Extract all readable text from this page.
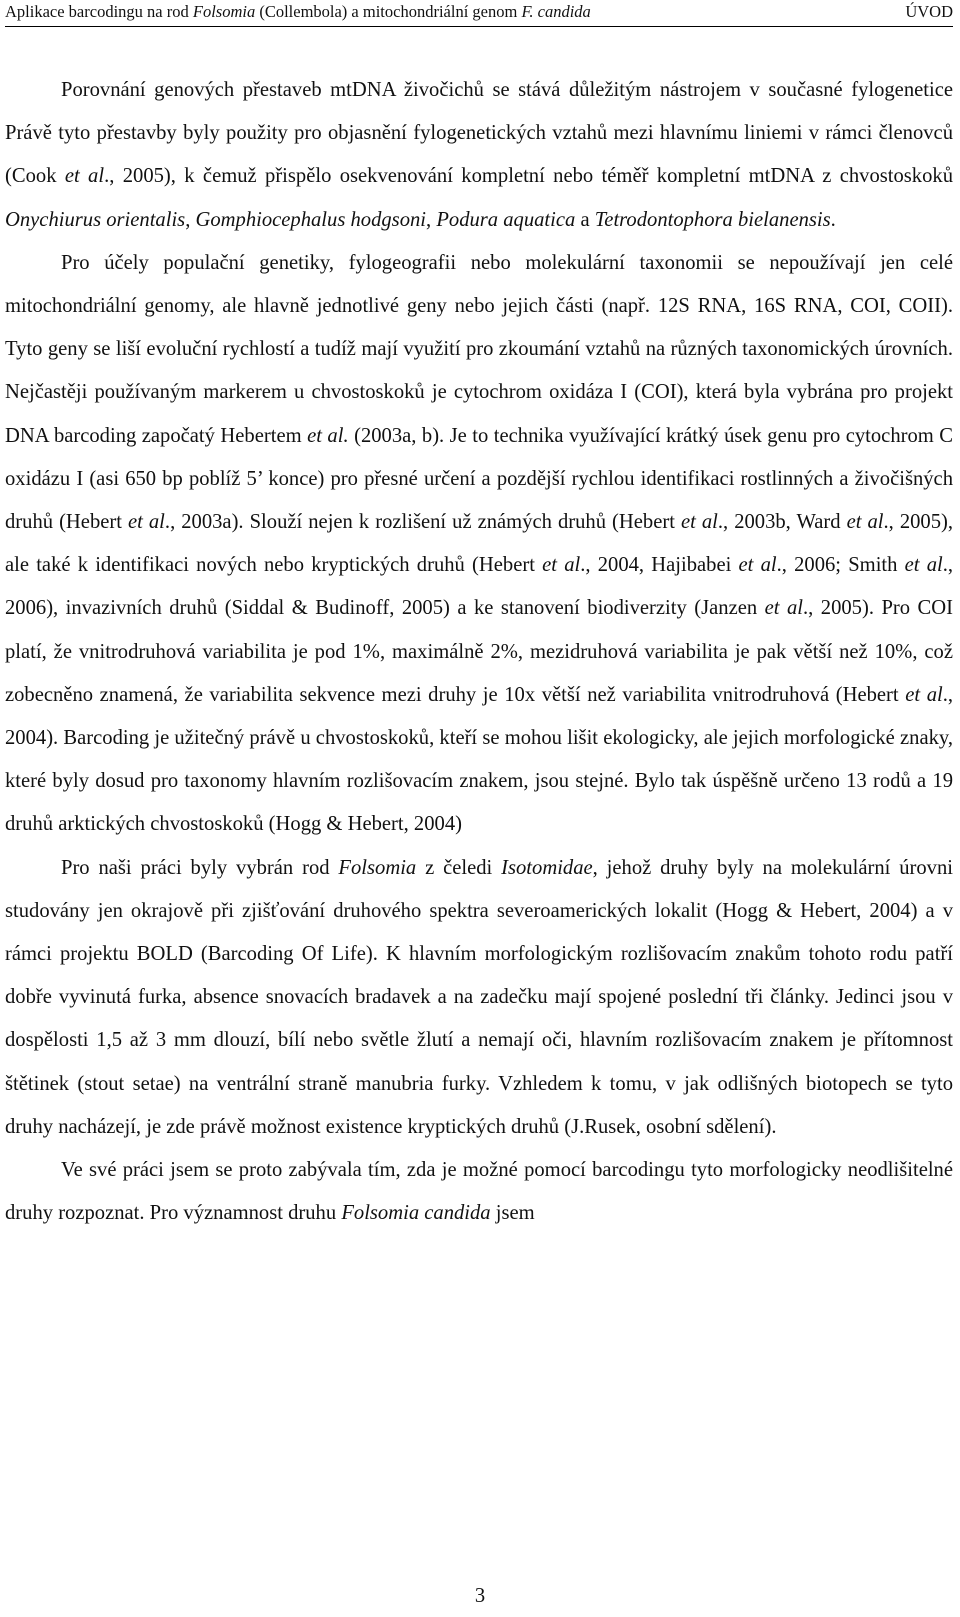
Aplikace barcodingu na rod Folsomia (Collembola) a mitochondriální genom F. candida	ÚVOD

Porovnání genových přestaveb mtDNA živočichů se stává důležitým nástrojem v současné fylogenetice Právě tyto přestavby byly použity pro objasnění fylogenetických vztahů mezi hlavnímu liniemi v rámci členovců (Cook et al., 2005), k čemuž přispělo osekvenování kompletní nebo téměř kompletní mtDNA z chvostoskoků Onychiurus orientalis, Gomphiocephalus hodgsoni, Podura aquatica a Tetrodontophora bielanensis.

Pro účely populační genetiky, fylogeografii nebo molekulární taxonomii se nepoužívají jen celé mitochondriální genomy, ale hlavně jednotlivé geny nebo jejich části (např. 12S RNA, 16S RNA, COI, COII). Tyto geny se liší evoluční rychlostí a tudíž mají využití pro zkoumání vztahů na různých taxonomických úrovních. Nejčastěji používaným markerem u chvostoskoků je cytochrom oxidáza I (COI), která byla vybrána pro projekt DNA barcoding započatý Hebertem et al. (2003a, b). Je to technika využívající krátký úsek genu pro cytochrom C oxidázu I (asi 650 bp poblíž 5’ konce) pro přesné určení a pozdější rychlou identifikaci rostlinných a živočišných druhů (Hebert et al., 2003a). Slouží nejen k rozlišení už známých druhů (Hebert et al., 2003b, Ward et al., 2005), ale také k identifikaci nových nebo kryptických druhů (Hebert et al., 2004, Hajibabei et al., 2006; Smith et al., 2006), invazivních druhů (Siddal & Budinoff, 2005) a ke stanovení biodiverzity (Janzen et al., 2005). Pro COI platí, že vnitrodruhová variabilita je pod 1%, maximálně 2%, mezidruhová variabilita je pak větší než 10%, což zobecněno znamená, že variabilita sekvence mezi druhy je 10x větší než variabilita vnitrodruhová (Hebert et al., 2004). Barcoding je užitečný právě u chvostoskoků, kteří se mohou lišit ekologicky, ale jejich morfologické znaky, které byly dosud pro taxonomy hlavním rozlišovacím znakem, jsou stejné. Bylo tak úspěšně určeno 13 rodů a 19 druhů arktických chvostoskoků (Hogg & Hebert, 2004)

Pro naši práci byly vybrán rod Folsomia z čeledi Isotomidae, jehož druhy byly na molekulární úrovni studovány jen okrajově při zjišťování druhového spektra severoamerických lokalit (Hogg & Hebert, 2004) a v rámci projektu BOLD (Barcoding Of Life). K hlavním morfologickým rozlišovacím znakům tohoto rodu patří dobře vyvinutá furka, absence snovacích bradavek a na zadečku mají spojené poslední tři články. Jedinci jsou v dospělosti 1,5 až 3 mm dlouzí, bílí nebo světle žlutí a nemají oči, hlavním rozlišovacím znakem je přítomnost štětinek (stout setae) na ventrální straně manubria furky. Vzhledem k tomu, v jak odlišných biotopech se tyto druhy nacházejí, je zde právě možnost existence kryptických druhů (J.Rusek, osobní sdělení).

Ve své práci jsem se proto zabývala tím, zda je možné pomocí barcodingu tyto morfologicky neodlišitelné druhy rozpoznat. Pro významnost druhu Folsomia candida jsem

3
